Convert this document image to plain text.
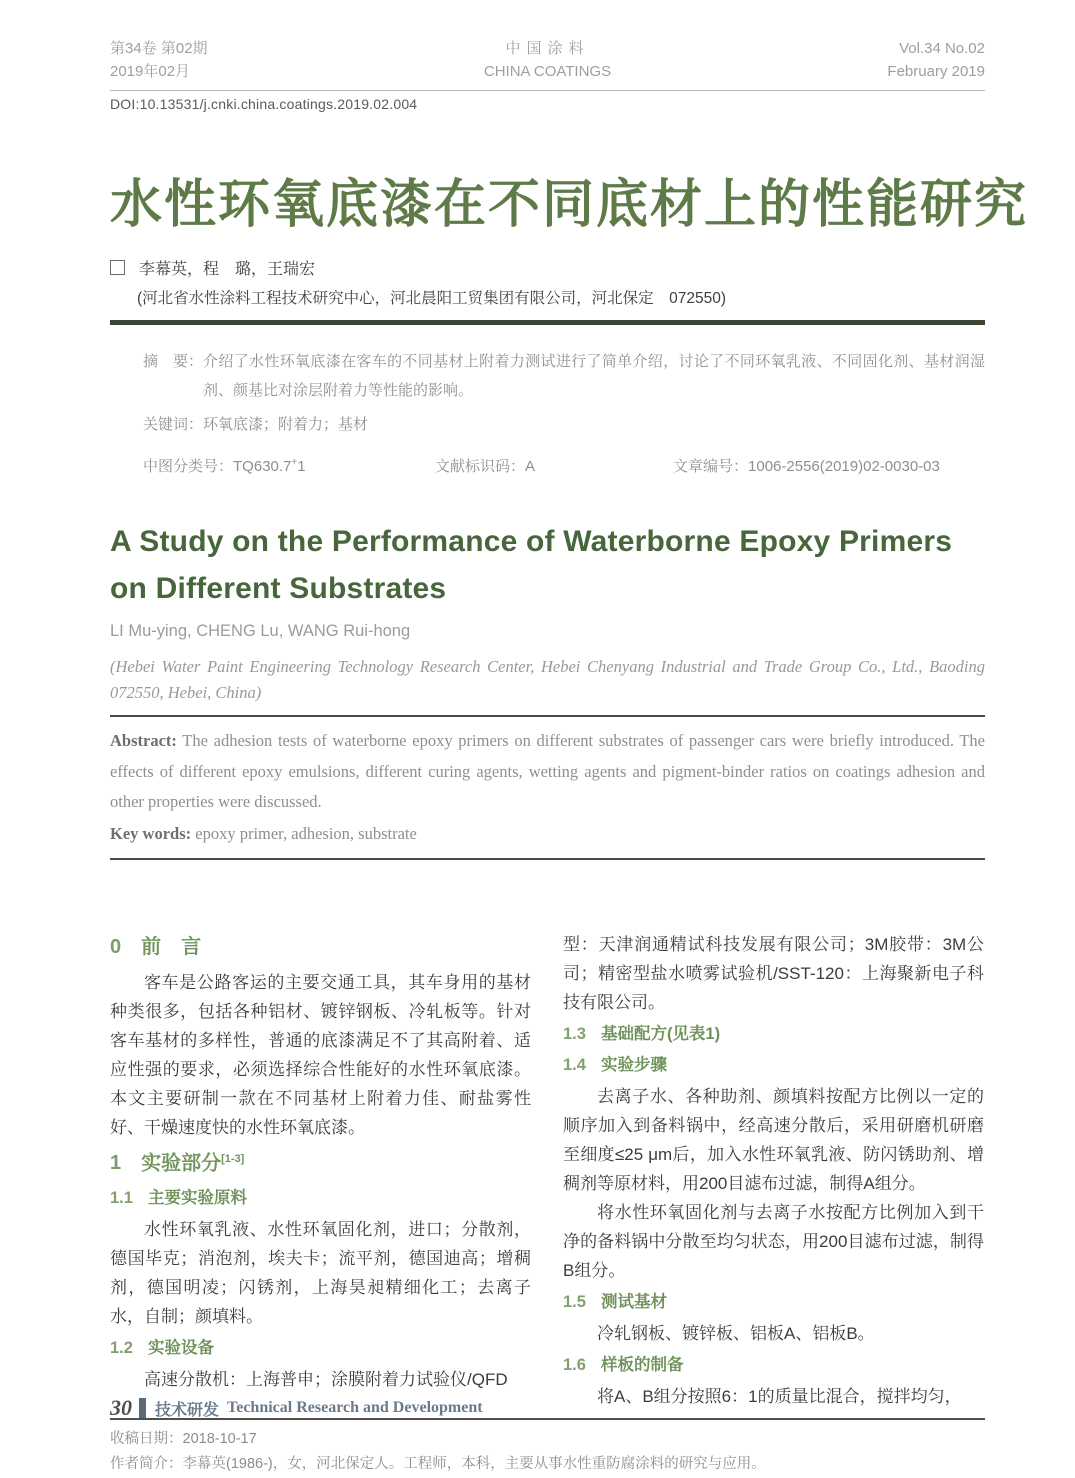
第34卷 第02期
2019年02月
中国涂料
CHINA COATINGS
Vol.34 No.02
February 2019
DOI:10.13531/j.cnki.china.coatings.2019.02.004
水性环氧底漆在不同底材上的性能研究
李幕英，程　璐，王瑞宏
(河北省水性涂料工程技术研究中心，河北晨阳工贸集团有限公司，河北保定　072550)
摘　要： 介绍了水性环氧底漆在客车的不同基材上附着力测试进行了简单介绍，讨论了不同环氧乳液、不同固化剂、基材润湿剂、颜基比对涂层附着力等性能的影响。
关键词：环氧底漆；附着力；基材
中图分类号：TQ630.7+1	文献标识码：A	文章编号：1006-2556(2019)02-0030-03
A Study on the Performance of Waterborne Epoxy Primers
on Different Substrates
LI Mu-ying, CHENG Lu, WANG Rui-hong
(Hebei Water Paint Engineering Technology Research Center, Hebei Chenyang Industrial and Trade Group Co., Ltd., Baoding 072550, Hebei, China)
Abstract: The adhesion tests of waterborne epoxy primers on different substrates of passenger cars were briefly introduced. The effects of different epoxy emulsions, different curing agents, wetting agents and pigment-binder ratios on coatings adhesion and other properties were discussed.
Key words: epoxy primer, adhesion, substrate
0 前　言

客车是公路客运的主要交通工具，其车身用的基材种类很多，包括各种铝材、镀锌钢板、冷轧板等。针对客车基材的多样性，普通的底漆满足不了其高附着、适应性强的要求，必须选择综合性能好的水性环氧底漆。本文主要研制一款在不同基材上附着力佳、耐盐雾性好、干燥速度快的水性环氧底漆。

1 实验部分[1-3]
1.1 主要实验原料

水性环氧乳液、水性环氧固化剂，进口；分散剂，德国毕克；消泡剂，埃夫卡；流平剂，德国迪高；增稠剂，德国明凌；闪锈剂，上海昊昶精细化工；去离子水，自制；颜填料。

1.2 实验设备

高速分散机：上海普申；涂膜附着力试验仪/QFD

型：天津润通精试科技发展有限公司；3M胶带：3M公司；精密型盐水喷雾试验机/SST-120：上海聚新电子科技有限公司。

1.3 基础配方(见表1)
1.4 实验步骤

去离子水、各种助剂、颜填料按配方比例以一定的顺序加入到备料锅中，经高速分散后，采用研磨机研磨至细度≤25 μm后，加入水性环氧乳液、防闪锈助剂、增稠剂等原材料，用200目滤布过滤，制得A组分。

将水性环氧固化剂与去离子水按配方比例加入到干净的备料锅中分散至均匀状态，用200目滤布过滤，制得B组分。

1.5 测试基材

冷轧钢板、镀锌板、铝板A、铝板B。

1.6 样板的制备

将A、B组分按照6：1的质量比混合，搅拌均匀，

收稿日期：2018-10-17
作者简介：李幕英(1986-)，女，河北保定人。工程师，本科，主要从事水性重防腐涂料的研究与应用。
30 技术研发 Technical Research and Development
